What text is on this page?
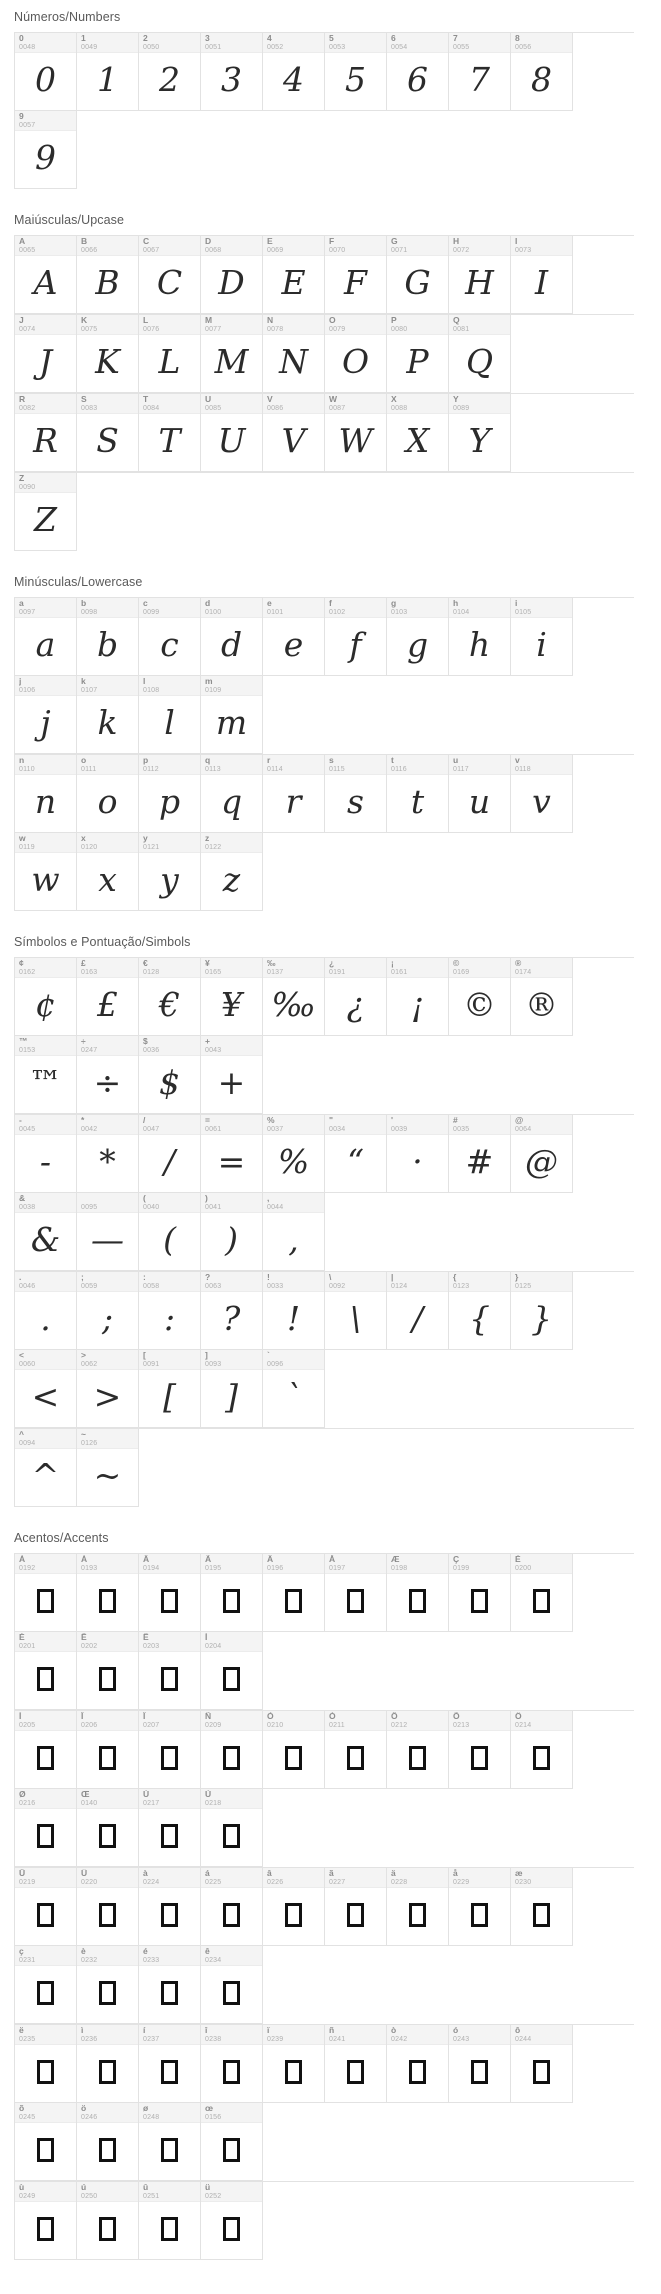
Números/Numbers
0
0048
0
1
0049
1
2
0050
2
3
0051
3
4
0052
4
5
0053
5
6
0054
6
7
0055
7
8
0056
8
9
0057
9
Maiúsculas/Upcase
A
0065
A
B
0066
B
C
0067
C
D
0068
D
E
0069
E
F
0070
F
G
0071
G
H
0072
H
I
0073
I
J
0074
J
K
0075
K
L
0076
L
M
0077
M
N
0078
N
O
0079
O
P
0080
P
Q
0081
Q
R
0082
R
S
0083
S
T
0084
T
U
0085
U
V
0086
V
W
0087
W
X
0088
X
Y
0089
Y
Z
0090
Z
Minúsculas/Lowercase
a
0097
a
b
0098
b
c
0099
c
d
0100
d
e
0101
e
f
0102
f
g
0103
g
h
0104
h
i
0105
i
j
0106
j
k
0107
k
l
0108
l
m
0109
m
n
0110
n
o
0111
o
p
0112
p
q
0113
q
r
0114
r
s
0115
s
t
0116
t
u
0117
u
v
0118
v
w
0119
w
x
0120
x
y
0121
y
z
0122
z
Símbolos e Pontuação/Simbols
¢
0162
¢
£
0163
£
€
0128
€
¥
0165
¥
‰
0137
‰
¿
0191
¿
¡
0161
¡
©
0169
©
®
0174
®
™
0153
™
÷
0247
÷
$
0036
$
+
0043
+
-
0045
-
*
0042
*
/
0047
/
=
0061
=
%
0037
%
"
0034
“
'
0039
·
#
0035
#
@
0064
@
&
0038
&
0095
—
(
0040
(
)
0041
)
,
0044
,
.
0046
.
;
0059
;
:
0058
:
?
0063
?
!
0033
!
\
0092
\
|
0124
/
{
0123
{
}
0125
}
<
0060
<
>
0062
>
[
0091
[
]
0093
]
`
0096
`
^
0094
^
~
0126
~
Acentos/Accents
À
0192
Á
0193
Â
0194
Ã
0195
Ä
0196
Å
0197
Æ
0198
Ç
0199
È
0200
É
0201
Ê
0202
Ë
0203
Ì
0204
Í
0205
Î
0206
Ï
0207
Ñ
0209
Ò
0210
Ó
0211
Ô
0212
Õ
0213
Ö
0214
Ø
0216
Œ
0140
Ù
0217
Ú
0218
Û
0219
Ü
0220
à
0224
á
0225
â
0226
ã
0227
ä
0228
å
0229
æ
0230
ç
0231
è
0232
é
0233
ê
0234
ë
0235
ì
0236
í
0237
î
0238
ï
0239
ñ
0241
ò
0242
ó
0243
ô
0244
õ
0245
ö
0246
ø
0248
œ
0156
ù
0249
ú
0250
û
0251
ü
0252
